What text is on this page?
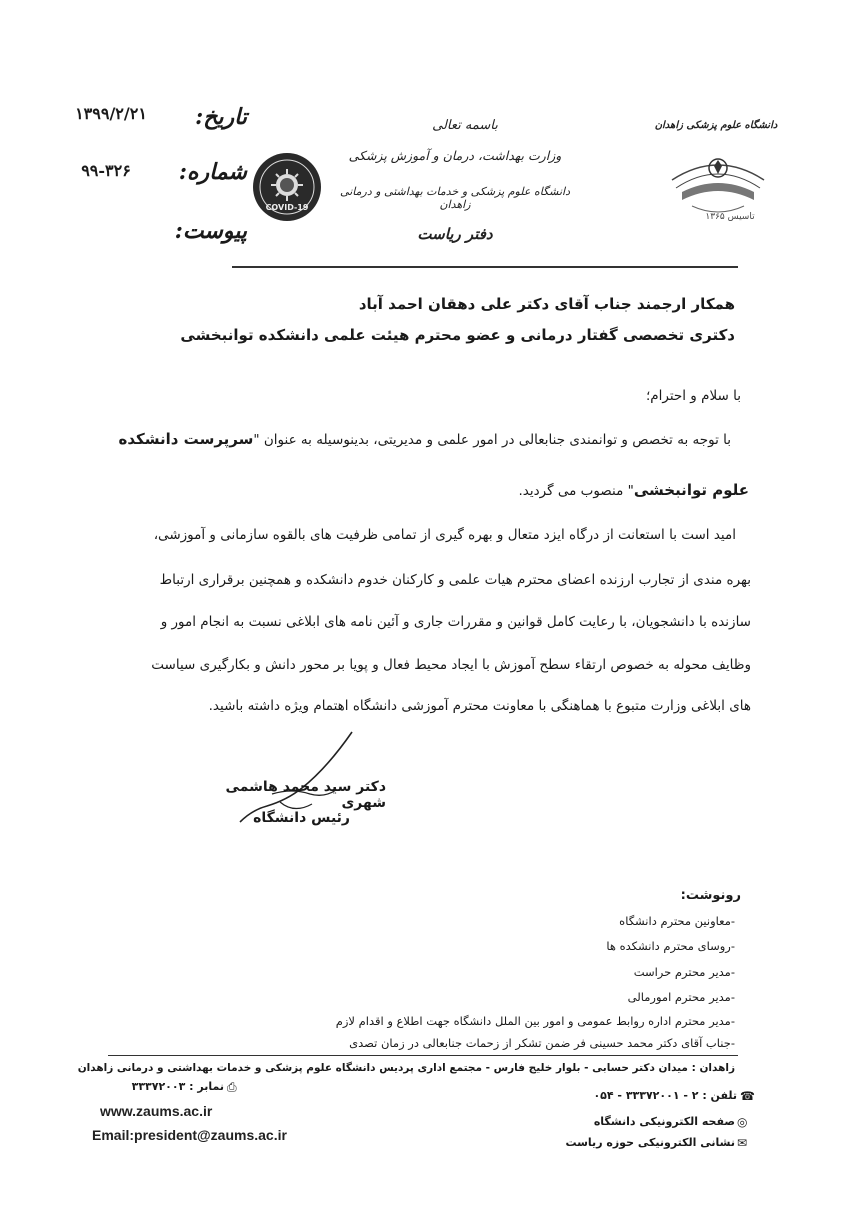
دانشگاه علوم پزشکی زاهدان
تاسیس ۱۳۶۵
باسمه تعالی
وزارت بهداشت، درمان و آموزش پزشکی
دانشگاه علوم پزشکی و خدمات بهداشتی و درمانی زاهدان
دفتر ریاست
COVID-19
تاریخ:
۱۳۹۹/۲/۲۱
شماره:
۹۹-۳۲۶
پیوست:
همکار ارجمند جناب آقای دکتر علی دهقان احمد آباد
دکتری تخصصی گفتار درمانی و عضو محترم هیئت علمی دانشکده توانبخشی
با سلام و احترام؛
با توجه به تخصص و توانمندی جنابعالی در امور علمی و مدیریتی، بدینوسیله به عنوان "سرپرست دانشکده
علوم توانبخشی" منصوب می گردید.
امید است با استعانت از درگاه ایزد متعال و بهره گیری از تمامی ظرفیت های بالقوه سازمانی و آموزشی،
بهره مندی از تجارب ارزنده اعضای محترم هیات علمی و کارکنان خدوم دانشکده و همچنین برقراری ارتباط
سازنده با دانشجویان، با رعایت کامل قوانین و مقررات جاری و آئین نامه های ابلاغی نسبت به انجام امور و
وظایف محوله به خصوص ارتقاء سطح آموزش با ایجاد محیط فعال و پویا بر محور دانش و بکارگیری سیاست
های ابلاغی وزارت متبوع با هماهنگی با معاونت محترم آموزشی دانشگاه اهتمام ویژه داشته باشید.
دکتر سید محمد هاشمی شهری
رئیس دانشگاه
رونوشت:
-معاونین محترم دانشگاه
-روسای محترم دانشکده ها
-مدیر محترم حراست
-مدیر محترم امورمالی
-مدیر محترم اداره روابط عمومی و امور بین الملل دانشگاه جهت اطلاع و اقدام لازم
-جناب آقای دکتر محمد حسینی فر ضمن تشکر از زحمات جنابعالی در زمان تصدی
زاهدان : میدان دکتر حسابی - بلوار خلیج فارس - مجتمع اداری پردیس دانشگاه علوم پزشکی و خدمات بهداشتی و درمانی زاهدان
☎
تلفن : ۲ - ۳۳۳۷۲۰۰۱ - ۰۵۴
⎙
نمابر : ۳۳۳۷۲۰۰۳
◎
صفحه الکترونیکی دانشگاه
✉
نشانی الکترونیکی حوزه ریاست
www.zaums.ac.ir
Email:president@zaums.ac.ir
